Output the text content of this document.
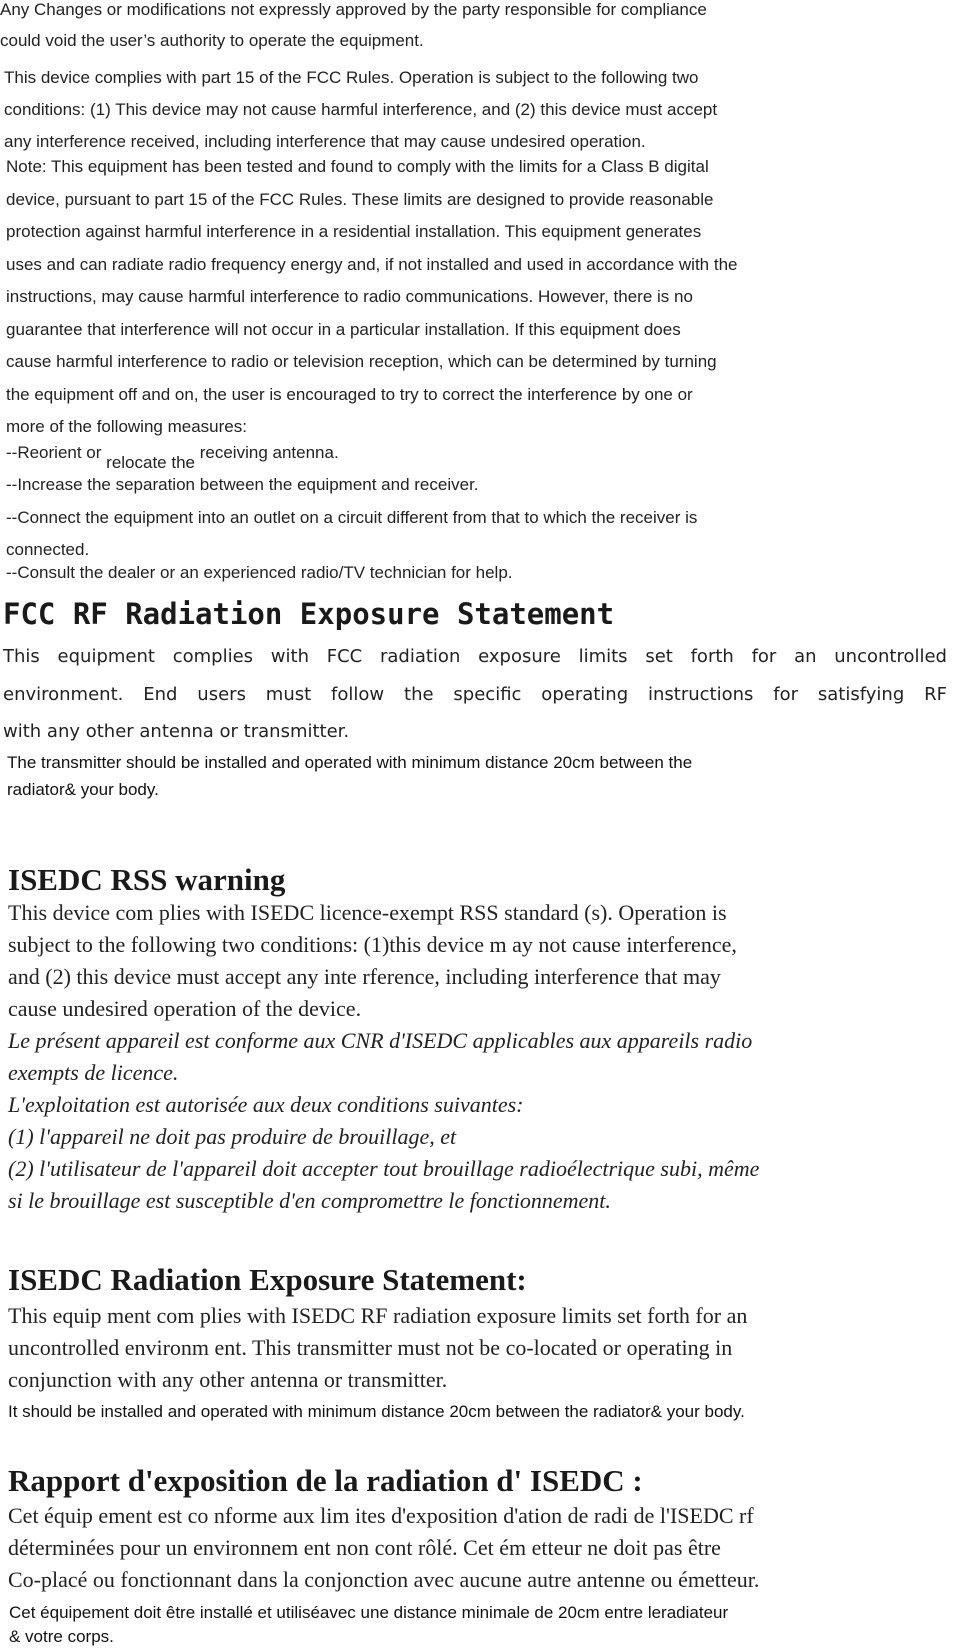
Any Changes or modifications not expressly approved by the party responsible for compliance
could void the user’s authority to operate the equipment.
This device complies with part 15 of the FCC Rules. Operation is subject to the following two
conditions: (1) This device may not cause harmful interference, and (2) this device must accept
any interference received, including interference that may cause undesired operation.
Note: This equipment has been tested and found to comply with the limits for a Class B digital
device, pursuant to part 15 of the FCC Rules. These limits are designed to provide reasonable
protection against harmful interference in a residential installation. This equipment generates
uses and can radiate radio frequency energy and, if not installed and used in accordance with the
instructions, may cause harmful interference to radio communications. However, there is no
guarantee that interference will not occur in a particular installation. If this equipment does
cause harmful interference to radio or television reception, which can be determined by turning
the equipment off and on, the user is encouraged to try to correct the interference by one or
more of the following measures:
--Reorient or relocate the receiving antenna.
--Increase the separation between the equipment and receiver.
--Connect the equipment into an outlet on a circuit different from that to which the receiver is
connected.
--Consult the dealer or an experienced radio/TV technician for help.
FCC RF Radiation Exposure Statement
This equipment complies with FCC radiation exposure limits set forth for an uncontrolled
environment. End users must follow the specific operating instructions for satisfying RF
with any other antenna or transmitter.
The transmitter should be installed and operated with minimum distance 20cm between the
radiator& your body.
ISEDC RSS warning
This device com plies with ISEDC licence-exempt RSS standard (s). Operation is
subject to the following two conditions: (1)this device m ay not cause interference,
and (2) this device must accept any inte rference, including interference that may
cause undesired operation of the device.
Le présent appareil est conforme aux CNR d'ISEDC applicables aux appareils radio
exempts de licence.
L'exploitation est autorisée aux deux conditions suivantes:
(1) l'appareil ne doit pas produire de brouillage, et
(2) l'utilisateur de l'appareil doit accepter tout brouillage radioélectrique subi, même
si le brouillage est susceptible d'en compromettre le fonctionnement.
ISEDC Radiation Exposure Statement:
This equip ment com plies with ISEDC RF radiation exposure limits set forth for an
uncontrolled environm ent. This transmitter must not be co-located or operating in
conjunction with any other antenna or transmitter.
It should be installed and operated with minimum distance 20cm between the radiator& your body.
Rapport d'exposition de la radiation d' ISEDC :
Cet équip ement est co nforme aux lim ites d'exposition d'ation de radi de l'ISEDC rf
déterminées pour un environnem ent non cont rôlé. Cet ém etteur ne doit pas être
Co-placé ou fonctionnant dans la conjonction avec aucune autre antenne ou émetteur.
Cet équipement doit être installé et utiliséavec une distance minimale de 20cm entre leradiateur
& votre corps.
